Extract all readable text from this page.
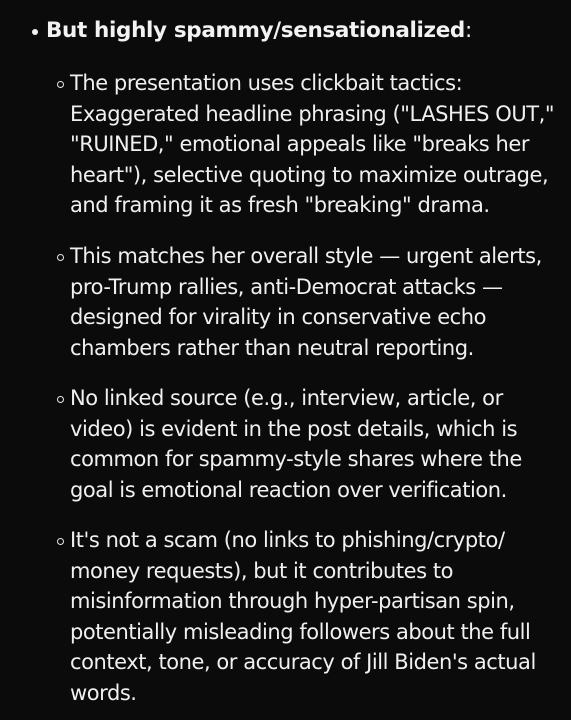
But highly spammy/sensationalized:
The presentation uses clickbait tactics:
Exaggerated headline phrasing ("LASHES OUT,"
"RUINED," emotional appeals like "breaks her
heart"), selective quoting to maximize outrage,
and framing it as fresh "breaking" drama.
This matches her overall style — urgent alerts,
pro-Trump rallies, anti-Democrat attacks —
designed for virality in conservative echo
chambers rather than neutral reporting.
No linked source (e.g., interview, article, or
video) is evident in the post details, which is
common for spammy-style shares where the
goal is emotional reaction over verification.
It's not a scam (no links to phishing/crypto/
money requests), but it contributes to
misinformation through hyper-partisan spin,
potentially misleading followers about the full
context, tone, or accuracy of Jill Biden's actual
words.
